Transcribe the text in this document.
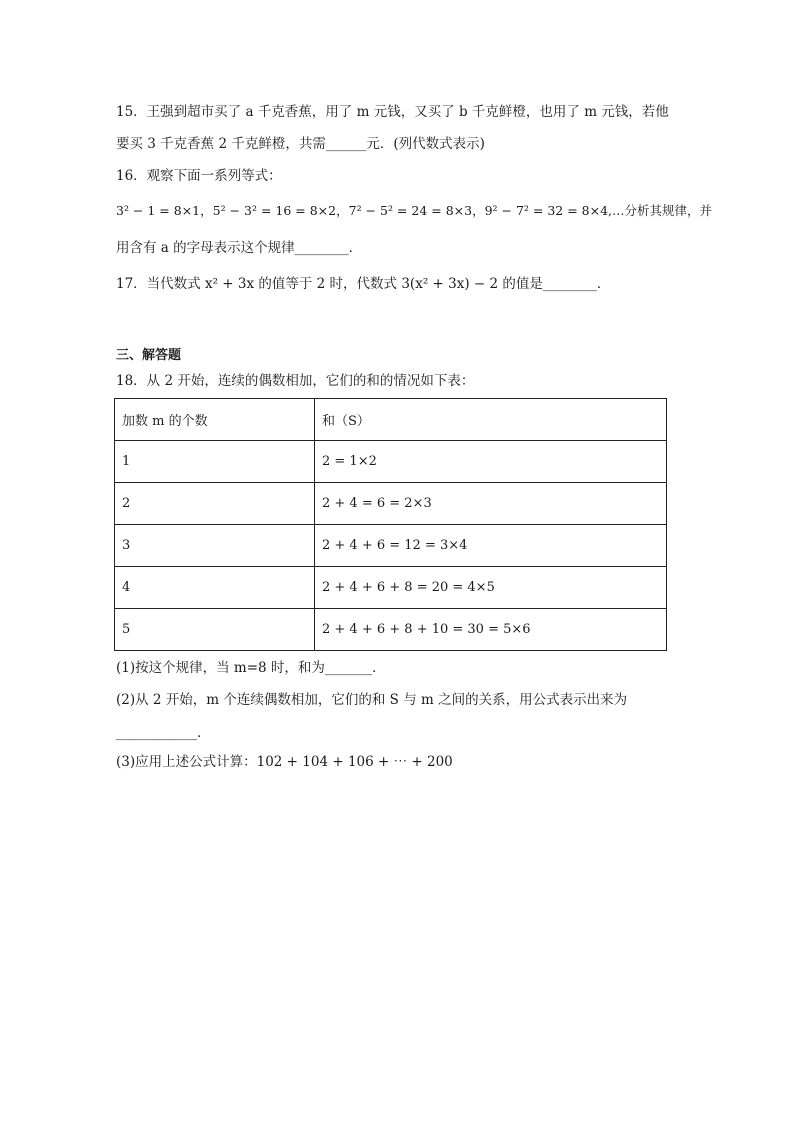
15．王强到超市买了 a 千克香蕉，用了 m 元钱，又买了 b 千克鲜橙，也用了 m 元钱，若他
要买 3 千克香蕉 2 千克鲜橙，共需______元．(列代数式表示)
16．观察下面一系列等式：
3² − 1 = 8×1，5² − 3² = 16 = 8×2，7² − 5² = 24 = 8×3，9² − 7² = 32 = 8×4,…分析其规律，并
用含有 a 的字母表示这个规律________．
17．当代数式 x² + 3x 的值等于 2 时，代数式 3(x² + 3x) − 2 的值是________．
三、解答题
18．从 2 开始，连续的偶数相加，它们的和的情况如下表：
加数 m 的个数	和（S）
1	2 = 1×2
2	2 + 4 = 6 = 2×3
3	2 + 4 + 6 = 12 = 3×4
4	2 + 4 + 6 + 8 = 20 = 4×5
5	2 + 4 + 6 + 8 + 10 = 30 = 5×6
(1)按这个规律，当 m=8 时，和为_______．
(2)从 2 开始，m 个连续偶数相加，它们的和 S 与 m 之间的关系，用公式表示出来为
____________．
(3)应用上述公式计算：102 + 104 + 106 + ⋯ + 200
